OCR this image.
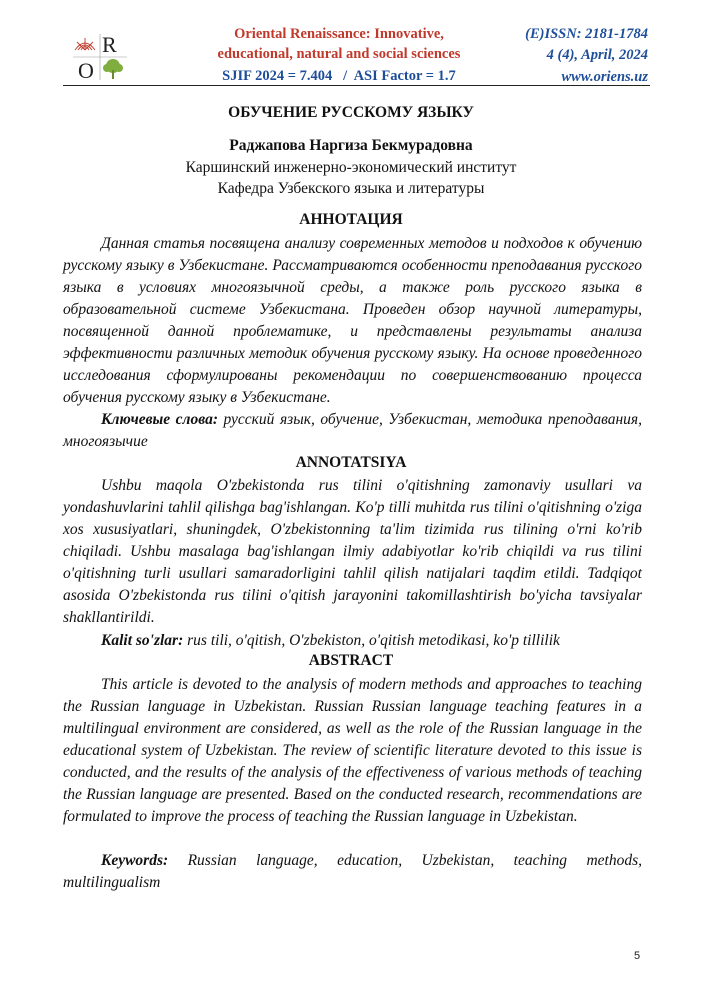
R
O
Oriental Renaissance: Innovative,
educational, natural and social sciences
SJIF 2024 = 7.404   /  ASI Factor = 1.7
(E)ISSN: 2181-1784
4 (4), April, 2024
www.oriens.uz
ОБУЧЕНИЕ РУССКОМУ ЯЗЫКУ
Раджапова Наргиза Бекмурадовна
Каршинский инженерно-экономический институт
Кафедра Узбекского языка и литературы
АННОТАЦИЯ

Данная статья посвящена анализу современных методов и подходов к обучению русскому языку в Узбекистане. Рассматриваются особенности преподавания русского языка в условиях многоязычной среды, а также роль русского языка в образовательной системе Узбекистана. Проведен обзор научной литературы, посвященной данной проблематике, и представлены результаты анализа эффективности различных методик обучения русскому языку. На основе проведенного исследования сформулированы рекомендации по совершенствованию процесса обучения русскому языку в Узбекистане.

Ключевые слова: русский язык, обучение, Узбекистан, методика преподавания, многоязычие

ANNOTATSIYA

Ushbu maqola O'zbekistonda rus tilini o'qitishning zamonaviy usullari va yondashuvlarini tahlil qilishga bag'ishlangan. Ko'p tilli muhitda rus tilini o'qitishning o'ziga xos xususiyatlari, shuningdek, O'zbekistonning ta'lim tizimida rus tilining o'rni ko'rib chiqiladi. Ushbu masalaga bag'ishlangan ilmiy adabiyotlar ko'rib chiqildi va rus tilini o'qitishning turli usullari samaradorligini tahlil qilish natijalari taqdim etildi. Tadqiqot asosida O'zbekistonda rus tilini o'qitish jarayonini takomillashtirish bo'yicha tavsiyalar shakllantirildi.

Kalit so'zlar: rus tili, o'qitish, O'zbekiston, o'qitish metodikasi, ko'p tillilik

ABSTRACT

This article is devoted to the analysis of modern methods and approaches to teaching the Russian language in Uzbekistan. Russian Russian language teaching features in a multilingual environment are considered, as well as the role of the Russian language in the educational system of Uzbekistan. The review of scientific literature devoted to this issue is conducted, and the results of the analysis of the effectiveness of various methods of teaching the Russian language are presented. Based on the conducted research, recommendations are formulated to improve the process of teaching the Russian language in Uzbekistan.

Keywords: Russian language, education, Uzbekistan, teaching methods, multilingualism

5
